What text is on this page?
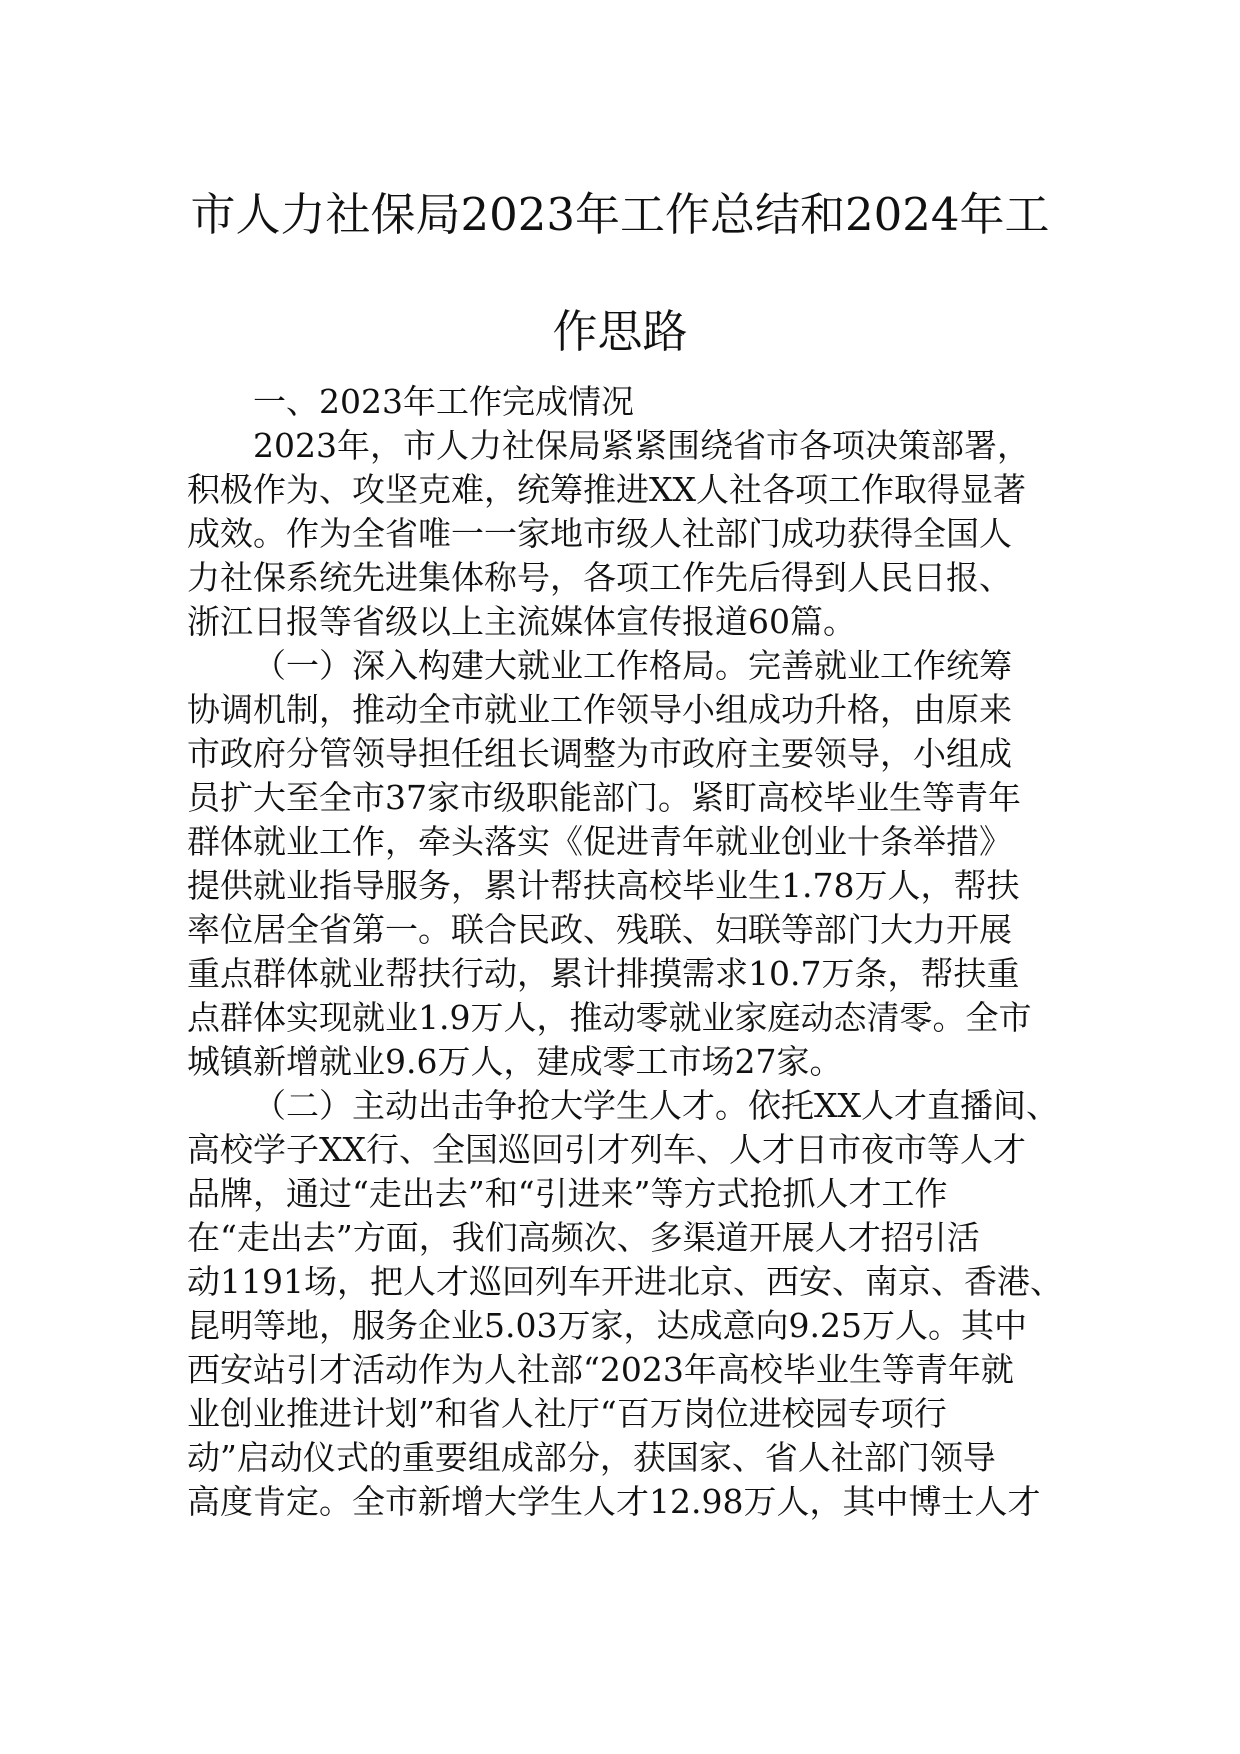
市人力社保局2023年工作总结和2024年工
作思路
一、2023年工作完成情况
2023年，市人力社保局紧紧围绕省市各项决策部署，
积极作为、攻坚克难，统筹推进XX人社各项工作取得显著
成效。作为全省唯一一家地市级人社部门成功获得全国人
力社保系统先进集体称号，各项工作先后得到人民日报、
浙江日报等省级以上主流媒体宣传报道60篇。
（一）深入构建大就业工作格局。完善就业工作统筹
协调机制，推动全市就业工作领导小组成功升格，由原来
市政府分管领导担任组长调整为市政府主要领导，小组成
员扩大至全市37家市级职能部门。紧盯高校毕业生等青年
群体就业工作，牵头落实《促进青年就业创业十条举措》
提供就业指导服务，累计帮扶高校毕业生1.78万人，帮扶
率位居全省第一。联合民政、残联、妇联等部门大力开展
重点群体就业帮扶行动，累计排摸需求10.7万条，帮扶重
点群体实现就业1.9万人，推动零就业家庭动态清零。全市
城镇新增就业9.6万人，建成零工市场27家。
（二）主动出击争抢大学生人才。依托XX人才直播间、
高校学子XX行、全国巡回引才列车、人才日市夜市等人才
品牌，通过“走出去”和“引进来”等方式抢抓人才工作
在“走出去”方面，我们高频次、多渠道开展人才招引活
动1191场，把人才巡回列车开进北京、西安、南京、香港、
昆明等地，服务企业5.03万家，达成意向9.25万人。其中
西安站引才活动作为人社部“2023年高校毕业生等青年就
业创业推进计划”和省人社厅“百万岗位进校园专项行
动”启动仪式的重要组成部分，获国家、省人社部门领导
高度肯定。全市新增大学生人才12.98万人，其中博士人才
